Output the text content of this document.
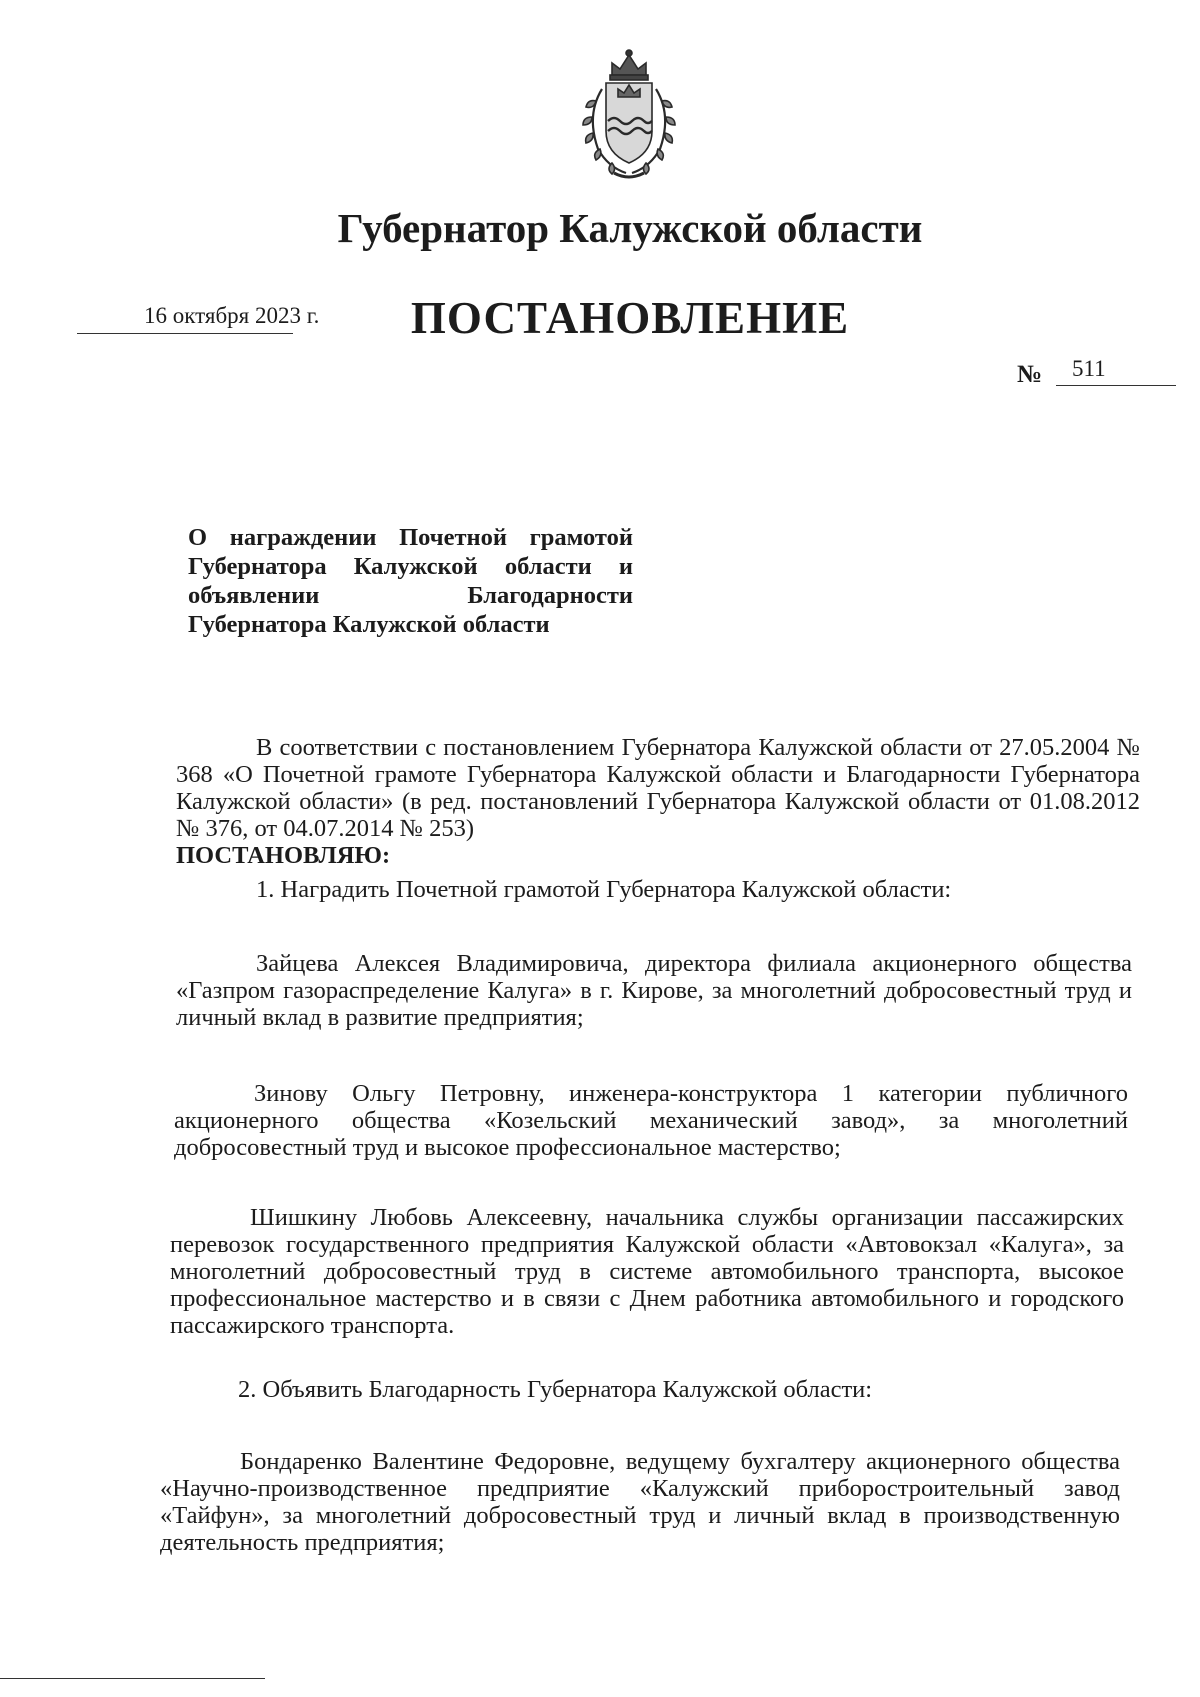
Губернатор Калужской области
ПОСТАНОВЛЕНИЕ
16 октября 2023 г.
№ 511
О награждении Почетной грамотой Губернатора Калужской области и объявлении Благодарности Губернатора Калужской области
В соответствии с постановлением Губернатора Калужской области от 27.05.2004 № 368 «О Почетной грамоте Губернатора Калужской области и Благодарности Губернатора Калужской области» (в ред. постановлений Губернатора Калужской области от 01.08.2012 № 376, от 04.07.2014 № 253)
ПОСТАНОВЛЯЮ:
1. Наградить Почетной грамотой Губернатора Калужской области:
Зайцева Алексея Владимировича, директора филиала акционерного общества «Газпром газораспределение Калуга» в г. Кирове, за многолетний добросовестный труд и личный вклад в развитие предприятия;
Зинову Ольгу Петровну, инженера-конструктора 1 категории публичного акционерного общества «Козельский механический завод», за многолетний добросовестный труд и высокое профессиональное мастерство;
Шишкину Любовь Алексеевну, начальника службы организации пассажирских перевозок государственного предприятия Калужской области «Автовокзал «Калуга», за многолетний добросовестный труд в системе автомобильного транспорта, высокое профессиональное мастерство и в связи с Днем работника автомобильного и городского пассажирского транспорта.
2. Объявить Благодарность Губернатора Калужской области:
Бондаренко Валентине Федоровне, ведущему бухгалтеру акционерного общества «Научно-производственное предприятие «Калужский приборостроительный завод «Тайфун», за многолетний добросовестный труд и личный вклад в производственную деятельность предприятия;
